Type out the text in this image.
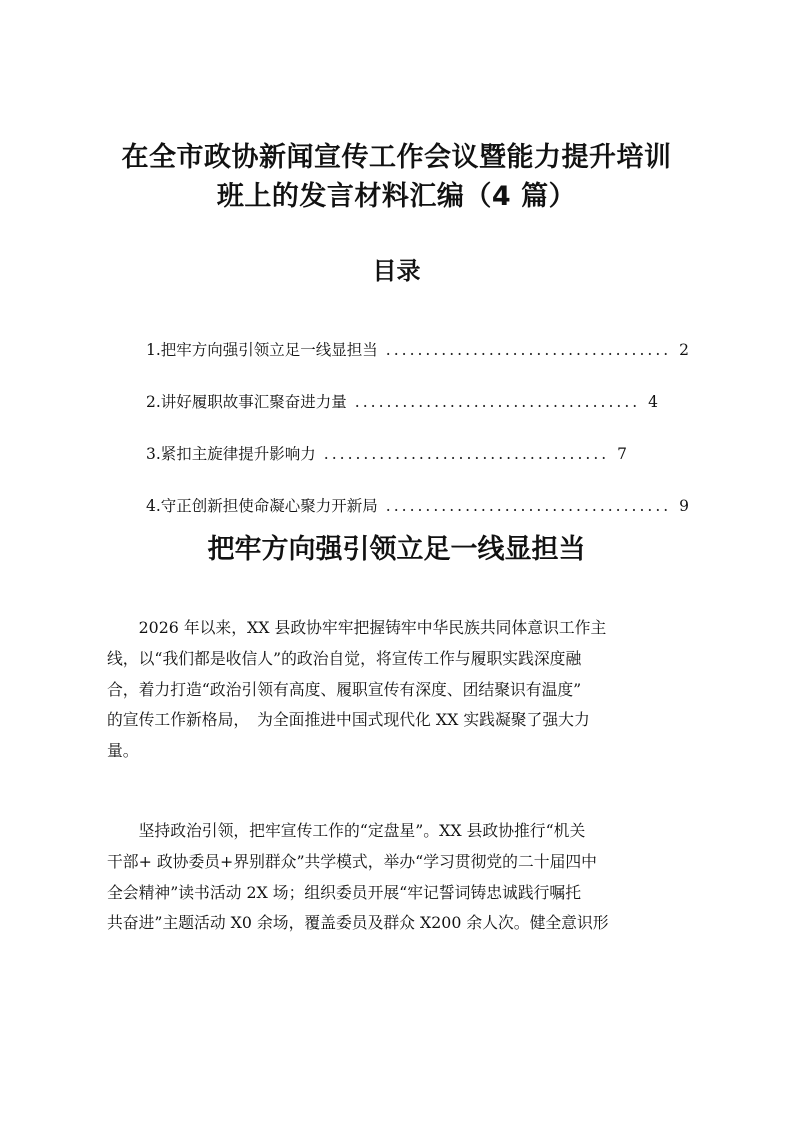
在全市政协新闻宣传工作会议暨能力提升培训
班上的发言材料汇编（4 篇）
目录
1.把牢方向强引领立足一线显担当 .................................... 2
2.讲好履职故事汇聚奋进力量 .................................... 4
3.紧扣主旋律提升影响力 .................................... 7
4.守正创新担使命凝心聚力开新局 .................................... 9
把牢方向强引领立足一线显担当
　　2026 年以来，XX 县政协牢牢把握铸牢中华民族共同体意识工作主
线，以“我们都是收信人”的政治自觉，将宣传工作与履职实践深度融
合，着力打造“政治引领有高度、履职宣传有深度、团结聚识有温度”
的宣传工作新格局，　为全面推进中国式现代化 XX 实践凝聚了强大力
量。
　　坚持政治引领，把牢宣传工作的“定盘星”。XX 县政协推行“机关
干部+ 政协委员+界别群众”共学模式，举办“学习贯彻党的二十届四中
全会精神”读书活动 2X 场；组织委员开展“牢记誓词铸忠诚践行嘱托
共奋进”主题活动 X0 余场，覆盖委员及群众 X200 余人次。健全意识形
